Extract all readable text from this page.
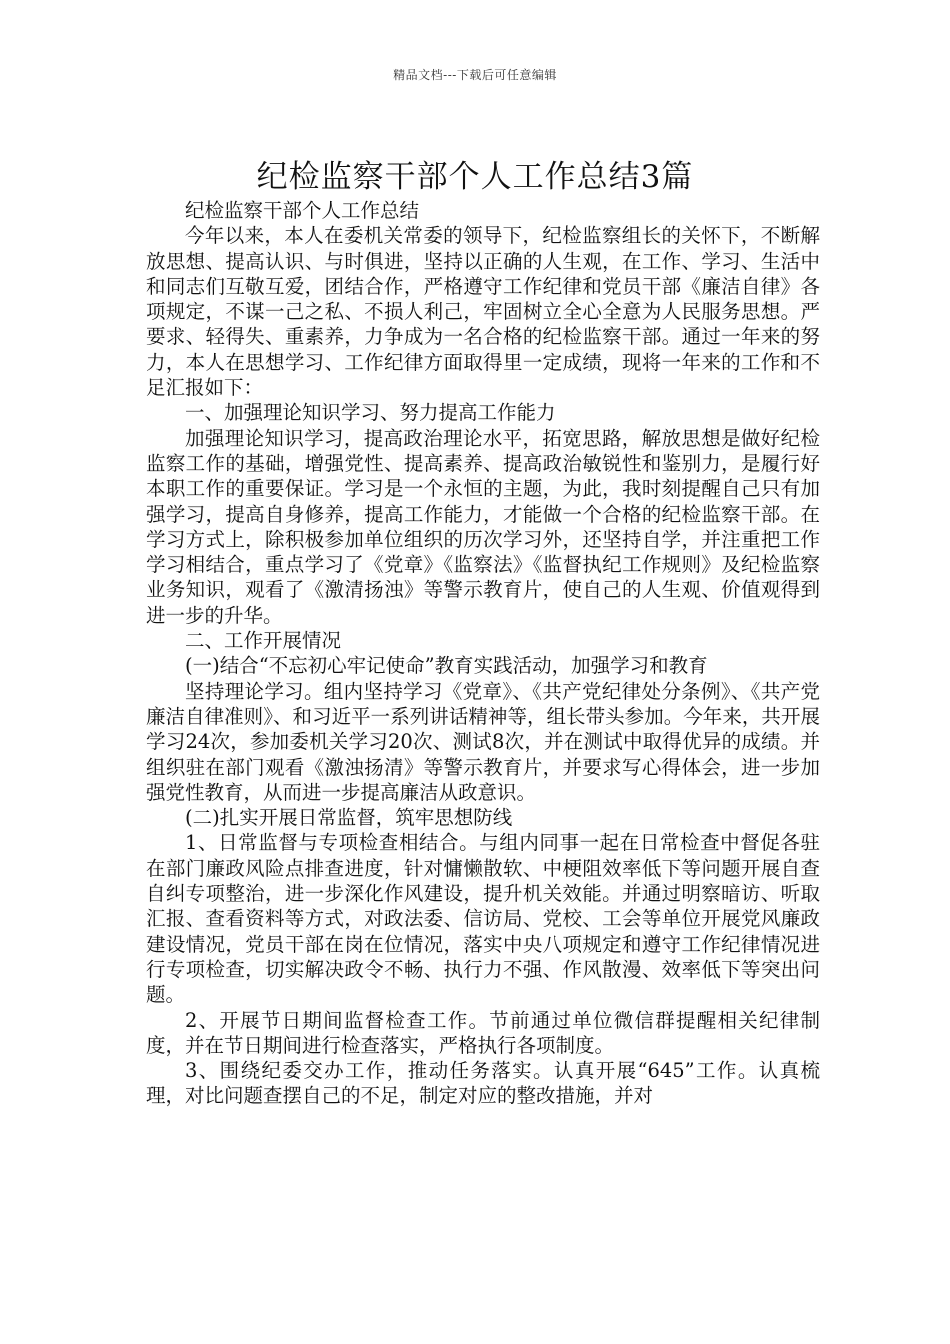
精品文档---下载后可任意编辑
纪检监察干部个人工作总结3篇

纪检监察干部个人工作总结

今年以来，本人在委机关常委的领导下，纪检监察组长的关怀下，不断解放思想、提高认识、与时俱进，坚持以正确的人生观，在工作、学习、生活中和同志们互敬互爱，团结合作，严格遵守工作纪律和党员干部《廉洁自律》各项规定，不谋一己之私、不损人利己，牢固树立全心全意为人民服务思想。严要求、轻得失、重素养，力争成为一名合格的纪检监察干部。通过一年来的努力，本人在思想学习、工作纪律方面取得里一定成绩，现将一年来的工作和不足汇报如下：

一、加强理论知识学习、努力提高工作能力

加强理论知识学习，提高政治理论水平，拓宽思路，解放思想是做好纪检监察工作的基础，增强党性、提高素养、提高政治敏锐性和鉴别力，是履行好本职工作的重要保证。学习是一个永恒的主题，为此，我时刻提醒自己只有加强学习，提高自身修养，提高工作能力，才能做一个合格的纪检监察干部。在学习方式上，除积极参加单位组织的历次学习外，还坚持自学，并注重把工作学习相结合，重点学习了《党章》《监察法》《监督执纪工作规则》及纪检监察业务知识，观看了《激清扬浊》等警示教育片，使自己的人生观、价值观得到进一步的升华。

二、工作开展情况

(一)结合“不忘初心牢记使命”教育实践活动，加强学习和教育

坚持理论学习。组内坚持学习《党章》、《共产党纪律处分条例》、《共产党廉洁自律准则》、和习近平一系列讲话精神等，组长带头参加。今年来，共开展学习24次，参加委机关学习20次、测试8次，并在测试中取得优异的成绩。并组织驻在部门观看《激浊扬清》等警示教育片，并要求写心得体会，进一步加强党性教育，从而进一步提高廉洁从政意识。

(二)扎实开展日常监督，筑牢思想防线

1、日常监督与专项检查相结合。与组内同事一起在日常检查中督促各驻在部门廉政风险点排查进度，针对慵懒散软、中梗阻效率低下等问题开展自查自纠专项整治，进一步深化作风建设，提升机关效能。并通过明察暗访、听取汇报、查看资料等方式，对政法委、信访局、党校、工会等单位开展党风廉政建设情况，党员干部在岗在位情况，落实中央八项规定和遵守工作纪律情况进行专项检查，切实解决政令不畅、执行力不强、作风散漫、效率低下等突出问题。

2、开展节日期间监督检查工作。节前通过单位微信群提醒相关纪律制度，并在节日期间进行检查落实，严格执行各项制度。

3、围绕纪委交办工作，推动任务落实。认真开展“645”工作。认真梳理，对比问题查摆自己的不足，制定对应的整改措施，并对
